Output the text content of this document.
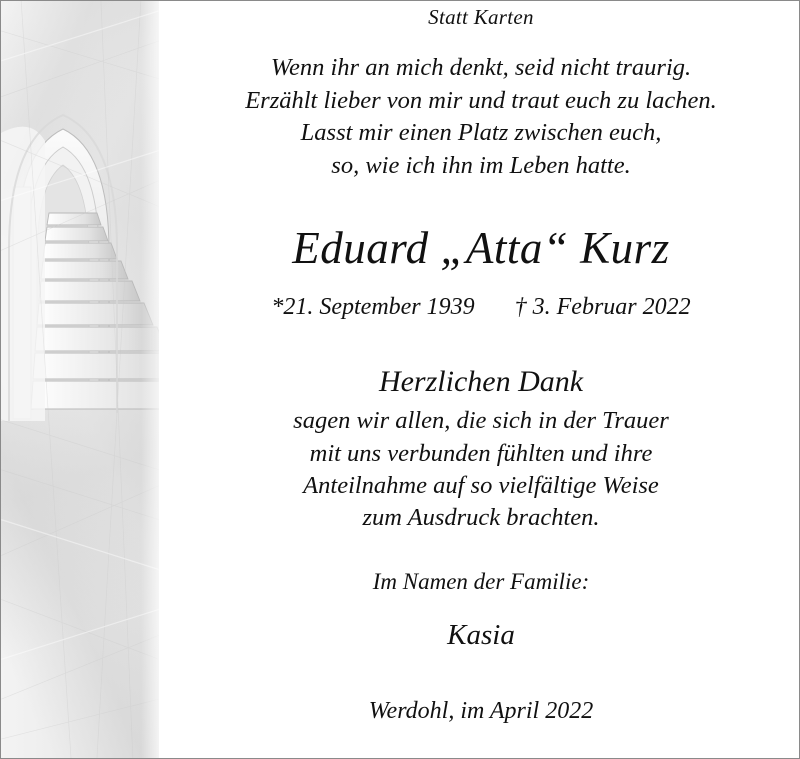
Statt Karten
Wenn ihr an mich denkt, seid nicht traurig.
Erzählt lieber von mir und traut euch zu lachen.
Lasst mir einen Platz zwischen euch,
so, wie ich ihn im Leben hatte.
Eduard „Atta“ Kurz
*21. September 1939 † 3. Februar 2022
Herzlichen Dank
sagen wir allen, die sich in der Trauer
mit uns verbunden fühlten und ihre
Anteilnahme auf so vielfältige Weise
zum Ausdruck brachten.
Im Namen der Familie:
Kasia
Werdohl, im April 2022
